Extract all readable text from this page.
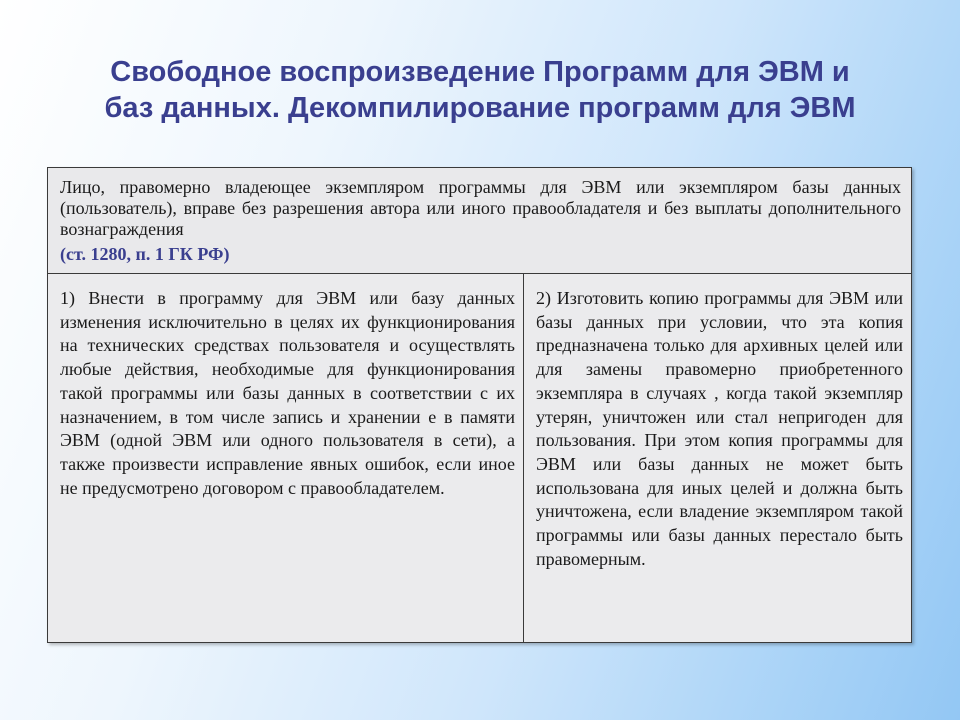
Свободное воспроизведение Программ для ЭВМ и
баз данных. Декомпилирование программ для ЭВМ
Лицо, правомерно владеющее экземпляром программы для ЭВМ или экземпляром базы данных (пользователь), вправе без разрешения автора или иного правообладателя и без выплаты дополнительного вознаграждения
(ст. 1280, п. 1 ГК РФ)
1) Внести в программу для ЭВМ или базу данных изменения исключительно в целях их функционирования на технических средствах пользователя и осуществлять любые действия, необходимые для функционирования такой программы или базы данных в соответствии с их назначением, в том числе запись и хранении е в памяти ЭВМ (одной ЭВМ или одного пользователя в сети), а также произвести исправление явных ошибок, если иное не предусмотрено договором с правообладателем.
2) Изготовить копию программы для ЭВМ или базы данных при условии, что эта копия предназначена только для архивных целей или для замены правомерно приобретенного экземпляра в случаях , когда такой экземпляр утерян, уничтожен или стал непригоден для пользования. При этом копия программы для ЭВМ или базы данных не может быть использована для иных целей и должна быть уничтожена, если владение экземпляром такой программы или базы данных перестало быть правомерным.
